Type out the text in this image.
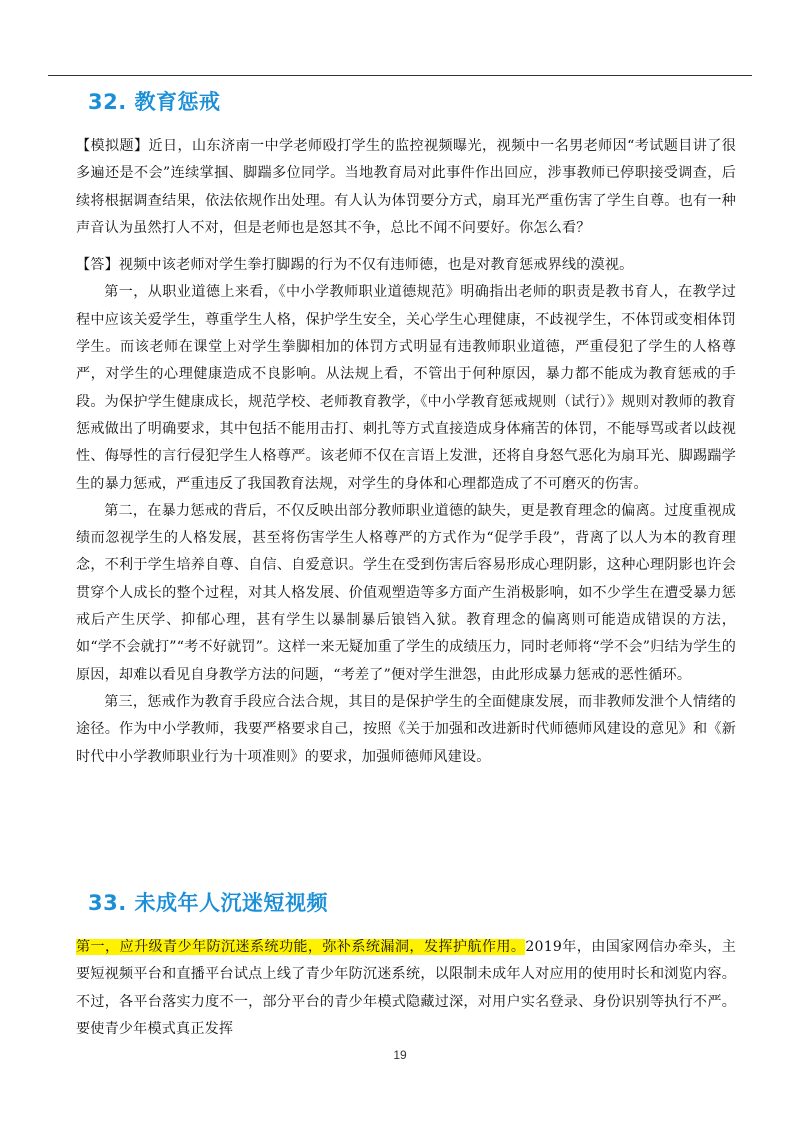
32. 教育惩戒

【模拟题】近日，山东济南一中学老师殴打学生的监控视频曝光，视频中一名男老师因“考试题目讲了很多遍还是不会”连续掌掴、脚踹多位同学。当地教育局对此事件作出回应，涉事教师已停职接受调查，后续将根据调查结果，依法依规作出处理。有人认为体罚要分方式，扇耳光严重伤害了学生自尊。也有一种声音认为虽然打人不对，但是老师也是怒其不争，总比不闻不问要好。你怎么看？

【答】视频中该老师对学生拳打脚踢的行为不仅有违师德，也是对教育惩戒界线的漠视。

第一，从职业道德上来看，《中小学教师职业道德规范》明确指出老师的职责是教书育人，在教学过程中应该关爱学生，尊重学生人格，保护学生安全，关心学生心理健康，不歧视学生，不体罚或变相体罚学生。而该老师在课堂上对学生拳脚相加的体罚方式明显有违教师职业道德，严重侵犯了学生的人格尊严，对学生的心理健康造成不良影响。从法规上看，不管出于何种原因，暴力都不能成为教育惩戒的手段。为保护学生健康成长，规范学校、老师教育教学，《中小学教育惩戒规则（试行）》规则对教师的教育惩戒做出了明确要求，其中包括不能用击打、刺扎等方式直接造成身体痛苦的体罚，不能辱骂或者以歧视性、侮辱性的言行侵犯学生人格尊严。该老师不仅在言语上发泄，还将自身怒气恶化为扇耳光、脚踢踹学生的暴力惩戒，严重违反了我国教育法规，对学生的身体和心理都造成了不可磨灭的伤害。

第二，在暴力惩戒的背后，不仅反映出部分教师职业道德的缺失，更是教育理念的偏离。过度重视成绩而忽视学生的人格发展，甚至将伤害学生人格尊严的方式作为“促学手段”，背离了以人为本的教育理念，不利于学生培养自尊、自信、自爱意识。学生在受到伤害后容易形成心理阴影，这种心理阴影也许会贯穿个人成长的整个过程，对其人格发展、价值观塑造等多方面产生消极影响，如不少学生在遭受暴力惩戒后产生厌学、抑郁心理，甚有学生以暴制暴后锒铛入狱。教育理念的偏离则可能造成错误的方法，如“学不会就打”“考不好就罚”。这样一来无疑加重了学生的成绩压力，同时老师将“学不会”归结为学生的原因，却难以看见自身教学方法的问题，“考差了”便对学生泄怨，由此形成暴力惩戒的恶性循环。

第三，惩戒作为教育手段应合法合规，其目的是保护学生的全面健康发展，而非教师发泄个人情绪的途径。作为中小学教师，我要严格要求自己，按照《关于加强和改进新时代师德师风建设的意见》和《新时代中小学教师职业行为十项准则》的要求，加强师德师风建设。

33. 未成年人沉迷短视频

第一，应升级青少年防沉迷系统功能，弥补系统漏洞，发挥护航作用。2019年，由国家网信办牵头，主要短视频平台和直播平台试点上线了青少年防沉迷系统，以限制未成年人对应用的使用时长和浏览内容。不过，各平台落实力度不一，部分平台的青少年模式隐藏过深，对用户实名登录、身份识别等执行不严。要使青少年模式真正发挥

19
